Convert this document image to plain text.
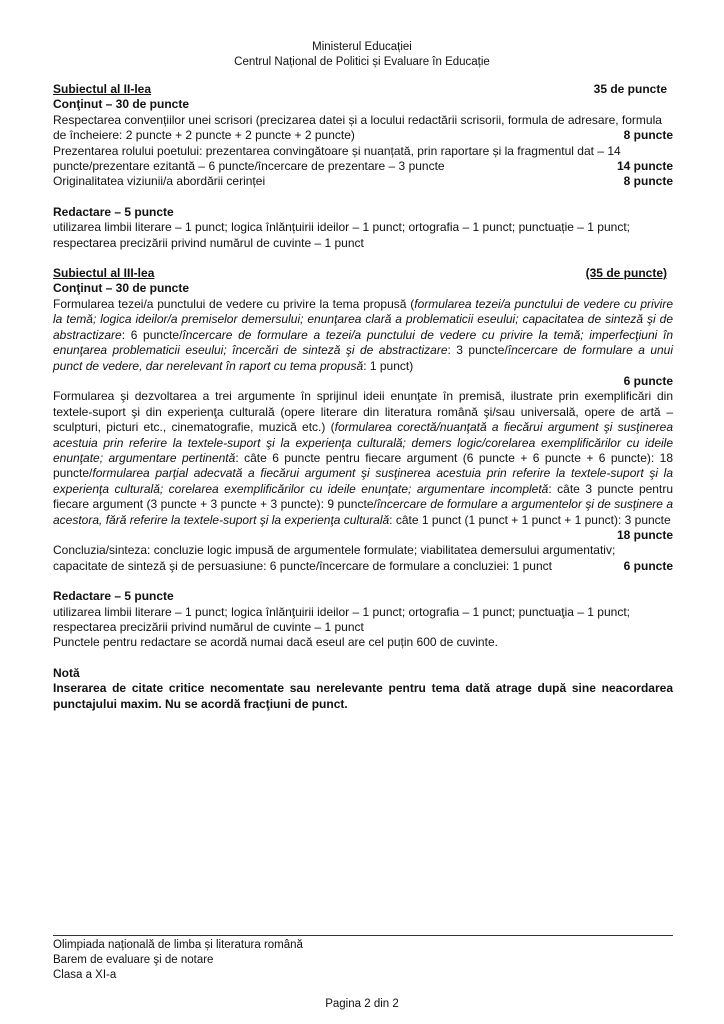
Ministerul Educației
Centrul Național de Politici și Evaluare în Educație
Subiectul al II-lea	35 de puncte
Conţinut – 30 de puncte
Respectarea convențiilor unei scrisori (precizarea datei și a locului redactării scrisorii, formula de adresare, formula de încheiere: 2 puncte + 2 puncte + 2 puncte + 2 puncte)	8 puncte
Prezentarea rolului poetului: prezentarea convingătoare și nuanțată, prin raportare și la fragmentul dat – 14 puncte/prezentare ezitantă – 6 puncte/încercare de prezentare – 3 puncte	14 puncte
Originalitatea viziunii/a abordării cerinței	8 puncte
Redactare – 5 puncte
utilizarea limbii literare – 1 punct; logica înlănțuirii ideilor – 1 punct; ortografia – 1 punct; punctuație – 1 punct; respectarea precizării privind numărul de cuvinte – 1 punct
Subiectul al III-lea	(35 de puncte)
Conţinut – 30 de puncte
Formularea tezei/a punctului de vedere cu privire la tema propusă (formularea tezei/a punctului de vedere cu privire la temă; logica ideilor/a premiselor demersului; enunţarea clară a problematicii eseului; capacitatea de sinteză şi de abstractizare: 6 puncte/încercare de formulare a tezei/a punctului de vedere cu privire la temă; imperfecţiuni în enunţarea problematicii eseului; încercări de sinteză şi de abstractizare: 3 puncte/încercare de formulare a unui punct de vedere, dar nerelevant în raport cu tema propusă: 1 punct)
6 puncte
Formularea şi dezvoltarea a trei argumente în sprijinul ideii enunţate în premisă, ilustrate prin exemplificări din textele-suport şi din experienţa culturală (opere literare din literatura română şi/sau universală, opere de artă – sculpturi, picturi etc., cinematografie, muzică etc.) (formularea corectă/nuanţată a fiecărui argument şi susţinerea acestuia prin referire la textele-suport şi la experienţa culturală; demers logic/corelarea exemplificărilor cu ideile enunţate; argumentare pertinentă: câte 6 puncte pentru fiecare argument (6 puncte + 6 puncte + 6 puncte): 18 puncte/formularea parţial adecvată a fiecărui argument şi susţinerea acestuia prin referire la textele-suport şi la experienţa culturală; corelarea exemplificărilor cu ideile enunţate; argumentare incompletă: câte 3 puncte pentru fiecare argument (3 puncte + 3 puncte + 3 puncte): 9 puncte/încercare de formulare a argumentelor şi de susţinere a acestora, fără referire la textele-suport şi la experienţa culturală: câte 1 punct (1 punct + 1 punct + 1 punct): 3 puncte
18 puncte
Concluzia/sinteza: concluzie logic impusă de argumentele formulate; viabilitatea demersului argumentativ; capacitate de sinteză şi de persuasiune: 6 puncte/încercare de formulare a concluziei: 1 punct	6 puncte
Redactare – 5 puncte
utilizarea limbii literare – 1 punct; logica înlănţuirii ideilor – 1 punct; ortografia – 1 punct; punctuaţia – 1 punct; respectarea precizării privind numărul de cuvinte – 1 punct
Punctele pentru redactare se acordă numai dacă eseul are cel puțin 600 de cuvinte.
Notă
Inserarea de citate critice necomentate sau nerelevante pentru tema dată atrage după sine neacordarea punctajului maxim. Nu se acordă fracţiuni de punct.
Olimpiada națională de limba și literatura română
Barem de evaluare şi de notare
Clasa a XI-a
Pagina 2 din 2
